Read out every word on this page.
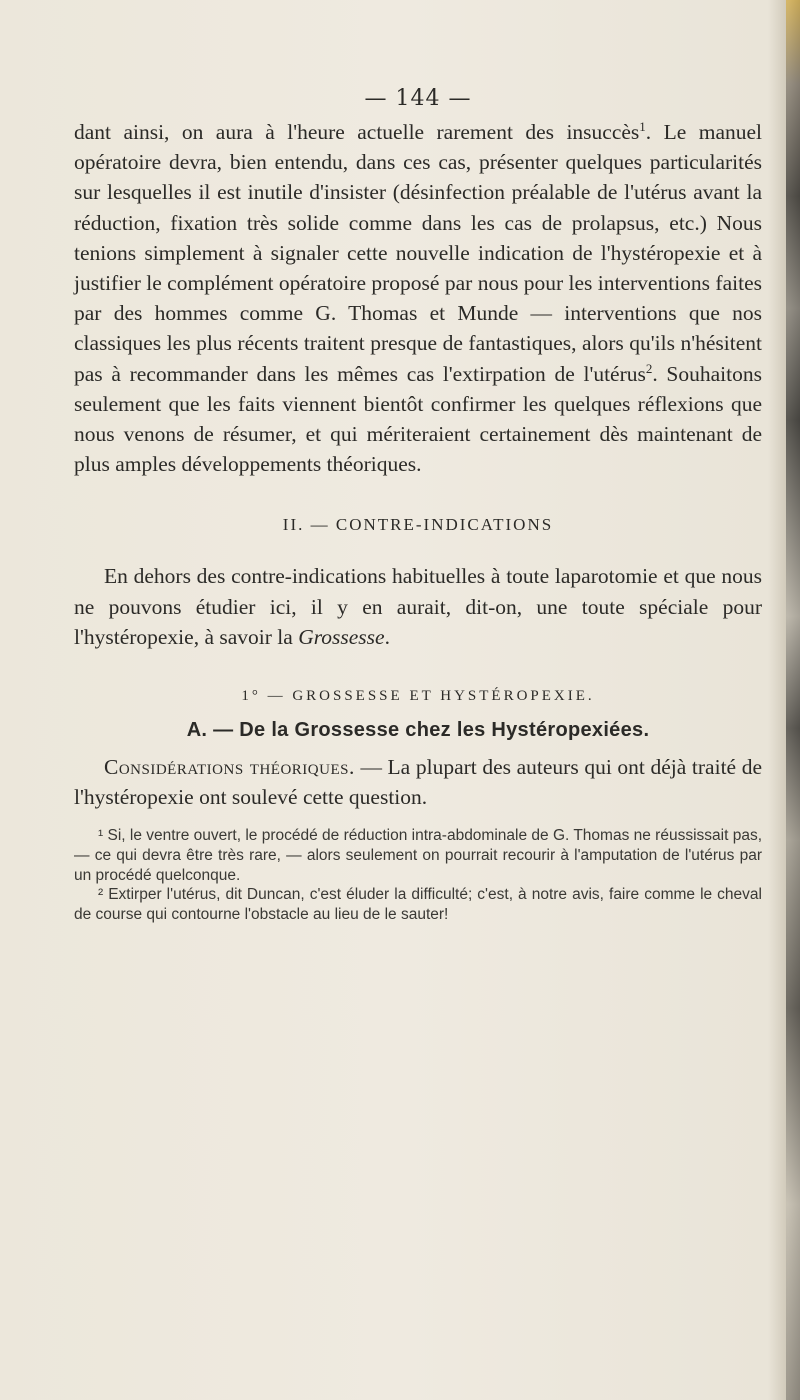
— 144 —

dant ainsi, on aura à l'heure actuelle rarement des insuccès$^1$. Le manuel opératoire devra, bien entendu, dans ces cas, présenter quelques particularités sur lesquelles il est inutile d'insister (désinfection préalable de l'utérus avant la réduction, fixation très solide comme dans les cas de prolapsus, etc.) Nous tenions simplement à signaler cette nouvelle indication de l'hystéropexie et à justifier le complément opératoire proposé par nous pour les interventions faites par des hommes comme G. Thomas et Munde — interventions que nos classiques les plus récents traitent presque de fantastiques, alors qu'ils n'hésitent pas à recommander dans les mêmes cas l'extirpation de l'utérus$^2$. Souhaitons seulement que les faits viennent bientôt confirmer les quelques réflexions que nous venons de résumer, et qui mériteraient certainement dès maintenant de plus amples développements théoriques.

II. — CONTRE-INDICATIONS

En dehors des contre-indications habituelles à toute laparotomie et que nous ne pouvons étudier ici, il y en aurait, dit-on, une toute spéciale pour l'hystéropexie, à savoir la Grossesse.

1° — GROSSESSE ET HYSTÉROPEXIE.
A. — De la Grossesse chez les Hystéropexiées.

Considérations théoriques. — La plupart des auteurs qui ont déjà traité de l'hystéropexie ont soulevé cette question.

¹ Si, le ventre ouvert, le procédé de réduction intra-abdominale de G. Thomas ne réussissait pas, — ce qui devra être très rare, — alors seulement on pourrait recourir à l'amputation de l'utérus par un procédé quelconque.

² Extirper l'utérus, dit Duncan, c'est éluder la difficulté; c'est, à notre avis, faire comme le cheval de course qui contourne l'obstacle au lieu de le sauter!
